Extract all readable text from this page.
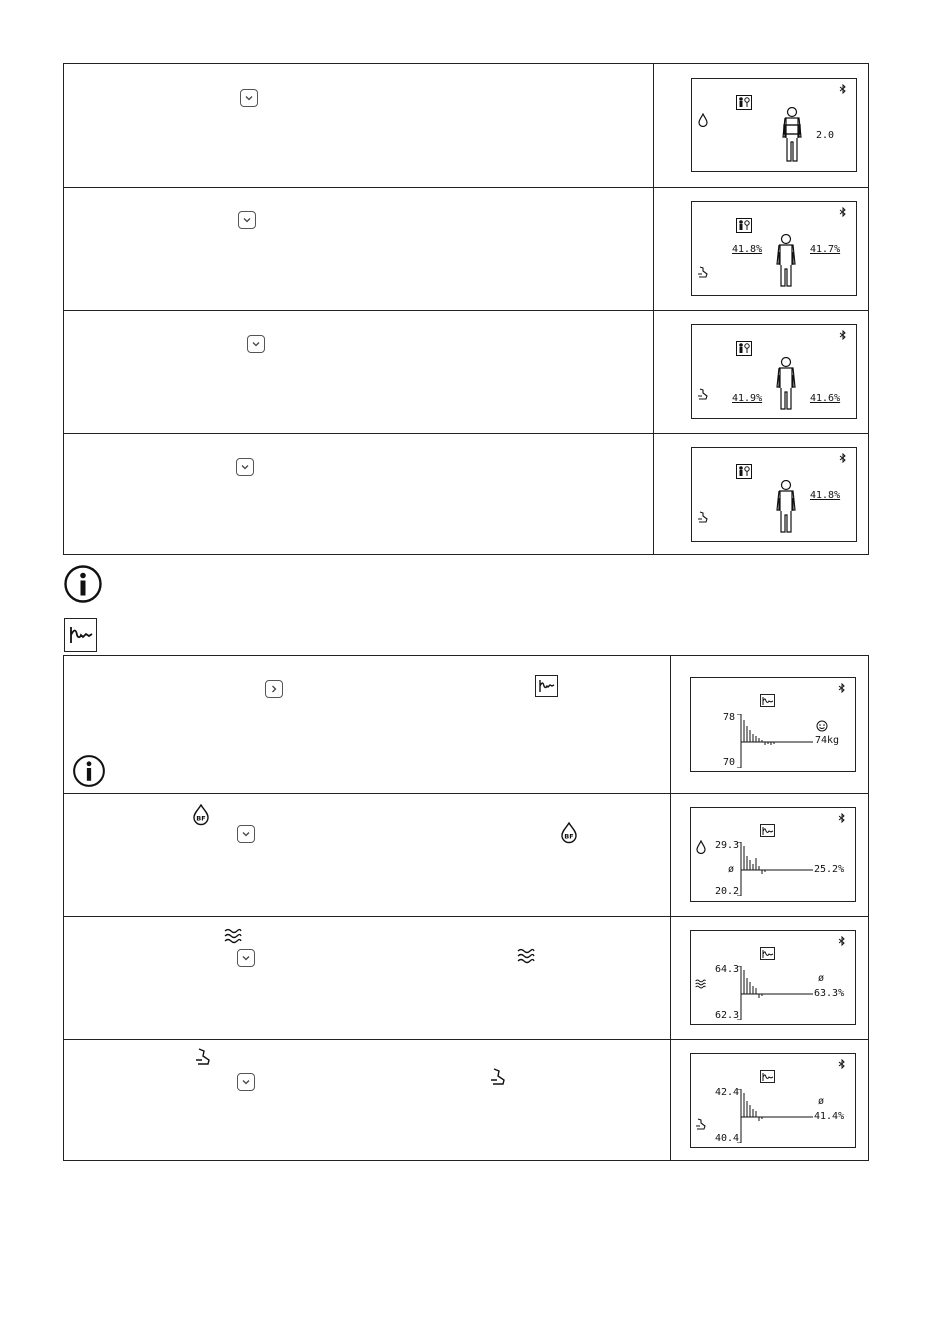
2.0
41.8%	41.7%
41.9%	41.6%
41.8%
78
70
74kg
BF
BF
29.3
20.2
ø	25.2%
64.3
62.3
ø
63.3%
42.4
40.4
ø
41.4%
